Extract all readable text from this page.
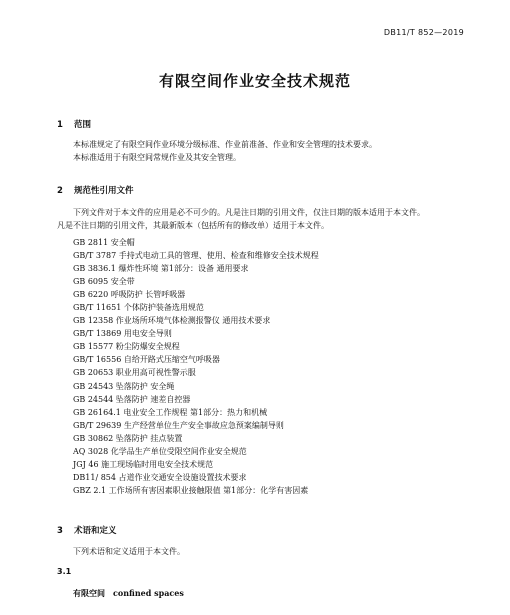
DB11/T 852—2019
有限空间作业安全技术规范
1 范围

本标准规定了有限空间作业环境分级标准、作业前准备、作业和安全管理的技术要求。

本标准适用于有限空间常规作业及其安全管理。

2 规范性引用文件

下列文件对于本文件的应用是必不可少的。凡是注日期的引用文件，仅注日期的版本适用于本文件。

凡是不注日期的引用文件，其最新版本（包括所有的修改单）适用于本文件。

GB 2811 安全帽
GB/T 3787 手持式电动工具的管理、使用、检查和维修安全技术规程
GB 3836.1 爆炸性环境 第1部分：设备 通用要求
GB 6095 安全带
GB 6220 呼吸防护 长管呼吸器
GB/T 11651 个体防护装备选用规范
GB 12358 作业场所环境气体检测报警仪 通用技术要求
GB/T 13869 用电安全导则
GB 15577 粉尘防爆安全规程
GB/T 16556 自给开路式压缩空气呼吸器
GB 20653 职业用高可视性警示服
GB 24543 坠落防护 安全绳
GB 24544 坠落防护 速差自控器
GB 26164.1 电业安全工作规程 第1部分：热力和机械
GB/T 29639 生产经营单位生产安全事故应急预案编制导则
GB 30862 坠落防护 挂点装置
AQ 3028 化学品生产单位受限空间作业安全规范
JGJ 46 施工现场临时用电安全技术规范
DB11/ 854 占道作业交通安全设施设置技术要求
GBZ 2.1 工作场所有害因素职业接触限值 第1部分：化学有害因素
3 术语和定义

下列术语和定义适用于本文件。

3.1
有限空间 confined spaces
